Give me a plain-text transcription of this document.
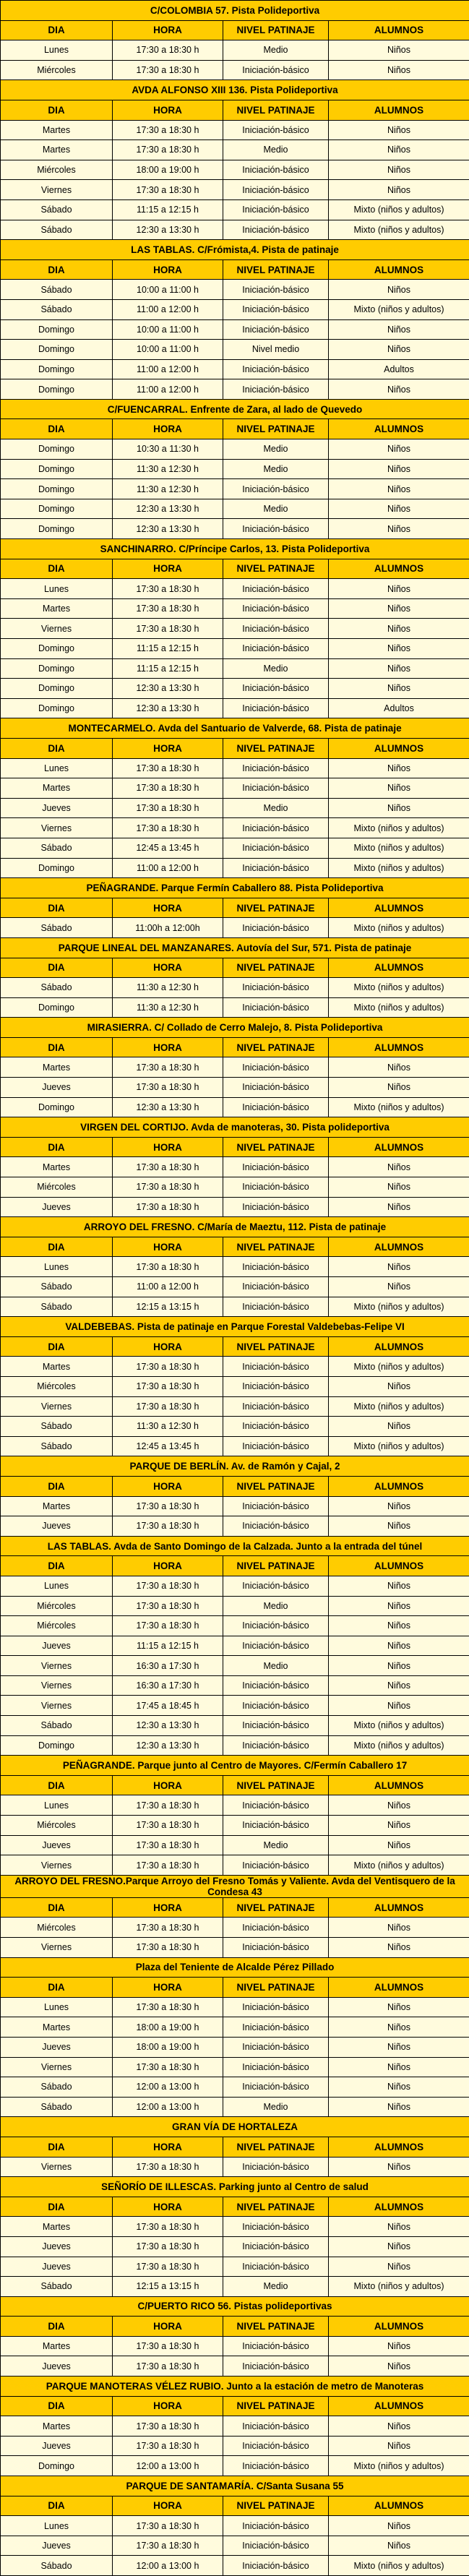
C/COLOMBIA 57. Pista Polideportiva			
DIA	HORA	NIVEL PATINAJE	ALUMNOS
Lunes	17:30 a 18:30 h	Medio	Niños
Miércoles	17:30 a 18:30 h	Iniciación-básico	Niños
AVDA ALFONSO XIII 136. Pista Polideportiva			
DIA	HORA	NIVEL PATINAJE	ALUMNOS
Martes	17:30 a 18:30 h	Iniciación-básico	Niños
Martes	17:30 a 18:30 h	Medio	Niños
Miércoles	18:00 a 19:00 h	Iniciación-básico	Niños
Viernes	17:30 a 18:30 h	Iniciación-básico	Niños
Sábado	11:15 a 12:15 h	Iniciación-básico	Mixto (niños y adultos)
Sábado	12:30 a 13:30 h	Iniciación-básico	Mixto (niños y adultos)
LAS TABLAS. C/Frómista,4. Pista de patinaje			
DIA	HORA	NIVEL PATINAJE	ALUMNOS
Sábado	10:00 a 11:00 h	Iniciación-básico	Niños
Sábado	11:00 a 12:00 h	Iniciación-básico	Mixto (niños y adultos)
Domingo	10:00 a 11:00 h	Iniciación-básico	Niños
Domingo	10:00 a 11:00 h	Nivel medio	Niños
Domingo	11:00 a 12:00 h	Iniciación-básico	Adultos
Domingo	11:00 a 12:00 h	Iniciación-básico	Niños
C/FUENCARRAL. Enfrente de Zara, al lado de Quevedo			
DIA	HORA	NIVEL PATINAJE	ALUMNOS
Domingo	10:30 a 11:30 h	Medio	Niños
Domingo	11:30 a 12:30 h	Medio	Niños
Domingo	11:30 a 12:30 h	Iniciación-básico	Niños
Domingo	12:30 a 13:30 h	Medio	Niños
Domingo	12:30 a 13:30 h	Iniciación-básico	Niños
SANCHINARRO. C/Príncipe Carlos, 13. Pista Polideportiva			
DIA	HORA	NIVEL PATINAJE	ALUMNOS
Lunes	17:30 a 18:30 h	Iniciación-básico	Niños
Martes	17:30 a 18:30 h	Iniciación-básico	Niños
Viernes	17:30 a 18:30 h	Iniciación-básico	Niños
Domingo	11:15 a 12:15 h	Iniciación-básico	Niños
Domingo	11:15 a 12:15 h	Medio	Niños
Domingo	12:30 a 13:30 h	Iniciación-básico	Niños
Domingo	12:30 a 13:30 h	Iniciación-básico	Adultos
MONTECARMELO. Avda del Santuario de Valverde, 68. Pista de patinaje			
DIA	HORA	NIVEL PATINAJE	ALUMNOS
Lunes	17:30 a 18:30 h	Iniciación-básico	Niños
Martes	17:30 a 18:30 h	Iniciación-básico	Niños
Jueves	17:30 a 18:30 h	Medio	Niños
Viernes	17:30 a 18:30 h	Iniciación-básico	Mixto (niños y adultos)
Sábado	12:45 a 13:45 h	Iniciación-básico	Mixto (niños y adultos)
Domingo	11:00 a 12:00 h	Iniciación-básico	Mixto (niños y adultos)
PEÑAGRANDE. Parque Fermín Caballero 88. Pista Polideportiva			
DIA	HORA	NIVEL PATINAJE	ALUMNOS
Sábado	11:00h a 12:00h	Iniciación-básico	Mixto (niños y adultos)
PARQUE LINEAL DEL MANZANARES. Autovía del Sur, 571. Pista de patinaje			
DIA	HORA	NIVEL PATINAJE	ALUMNOS
Sábado	11:30 a 12:30 h	Iniciación-básico	Mixto (niños y adultos)
Domingo	11:30 a 12:30 h	Iniciación-básico	Mixto (niños y adultos)
MIRASIERRA. C/ Collado de Cerro Malejo, 8. Pista Polideportiva			
DIA	HORA	NIVEL PATINAJE	ALUMNOS
Martes	17:30 a 18:30 h	Iniciación-básico	Niños
Jueves	17:30 a 18:30 h	Iniciación-básico	Niños
Domingo	12:30 a 13:30 h	Iniciación-básico	Mixto (niños y adultos)
VIRGEN DEL CORTIJO. Avda de manoteras, 30. Pista polideportiva			
DIA	HORA	NIVEL PATINAJE	ALUMNOS
Martes	17:30 a 18:30 h	Iniciación-básico	Niños
Miércoles	17:30 a 18:30 h	Iniciación-básico	Niños
Jueves	17:30 a 18:30 h	Iniciación-básico	Niños
ARROYO DEL FRESNO. C/María de Maeztu, 112. Pista de patinaje			
DIA	HORA	NIVEL PATINAJE	ALUMNOS
Lunes	17:30 a 18:30 h	Iniciación-básico	Niños
Sábado	11:00 a 12:00 h	Iniciación-básico	Niños
Sábado	12:15 a 13:15 h	Iniciación-básico	Mixto (niños y adultos)
VALDEBEBAS. Pista de patinaje en Parque Forestal Valdebebas-Felipe VI			
DIA	HORA	NIVEL PATINAJE	ALUMNOS
Martes	17:30 a 18:30 h	Iniciación-básico	Mixto (niños y adultos)
Miércoles	17:30 a 18:30 h	Iniciación-básico	Niños
Viernes	17:30 a 18:30 h	Iniciación-básico	Mixto (niños y adultos)
Sábado	11:30 a 12:30 h	Iniciación-básico	Niños
Sábado	12:45 a 13:45 h	Iniciación-básico	Mixto (niños y adultos)
PARQUE DE BERLÍN. Av. de Ramón y Cajal, 2			
DIA	HORA	NIVEL PATINAJE	ALUMNOS
Martes	17:30 a 18:30 h	Iniciación-básico	Niños
Jueves	17:30 a 18:30 h	Iniciación-básico	Niños
LAS TABLAS. Avda de Santo Domingo de la Calzada. Junto a la entrada del túnel			
DIA	HORA	NIVEL PATINAJE	ALUMNOS
Lunes	17:30 a 18:30 h	Iniciación-básico	Niños
Miércoles	17:30 a 18:30 h	Medio	Niños
Miércoles	17:30 a 18:30 h	Iniciación-básico	Niños
Jueves	11:15 a 12:15 h	Iniciación-básico	Niños
Viernes	16:30 a 17:30 h	Medio	Niños
Viernes	16:30 a 17:30 h	Iniciación-básico	Niños
Viernes	17:45 a 18:45 h	Iniciación-básico	Niños
Sábado	12:30 a 13:30 h	Iniciación-básico	Mixto (niños y adultos)
Domingo	12:30 a 13:30 h	Iniciación-básico	Mixto (niños y adultos)
PEÑAGRANDE. Parque junto al Centro de Mayores. C/Fermín Caballero 17			
DIA	HORA	NIVEL PATINAJE	ALUMNOS
Lunes	17:30 a 18:30 h	Iniciación-básico	Niños
Miércoles	17:30 a 18:30 h	Iniciación-básico	Niños
Jueves	17:30 a 18:30 h	Medio	Niños
Viernes	17:30 a 18:30 h	Iniciación-básico	Mixto (niños y adultos)
ARROYO DEL FRESNO.Parque Arroyo del Fresno Tomás y Valiente. Avda del Ventisquero de la Condesa 43			
DIA	HORA	NIVEL PATINAJE	ALUMNOS
Miércoles	17:30 a 18:30 h	Iniciación-básico	Niños
Viernes	17:30 a 18:30 h	Iniciación-básico	Niños
Plaza del Teniente de Alcalde Pérez Pillado			
DIA	HORA	NIVEL PATINAJE	ALUMNOS
Lunes	17:30 a 18:30 h	Iniciación-básico	Niños
Martes	18:00 a 19:00 h	Iniciación-básico	Niños
Jueves	18:00 a 19:00 h	Iniciación-básico	Niños
Viernes	17:30 a 18:30 h	Iniciación-básico	Niños
Sábado	12:00 a 13:00 h	Iniciación-básico	Niños
Sábado	12:00 a 13:00 h	Medio	Niños
GRAN VÍA DE HORTALEZA			
DIA	HORA	NIVEL PATINAJE	ALUMNOS
Viernes	17:30 a 18:30 h	Iniciación-básico	Niños
SEÑORÍO DE ILLESCAS. Parking junto al Centro de salud			
DIA	HORA	NIVEL PATINAJE	ALUMNOS
Martes	17:30 a 18:30 h	Iniciación-básico	Niños
Jueves	17:30 a 18:30 h	Iniciación-básico	Niños
Jueves	17:30 a 18:30 h	Iniciación-básico	Niños
Sábado	12:15 a 13:15 h	Medio	Mixto (niños y adultos)
C/PUERTO RICO 56. Pistas polideportivas			
DIA	HORA	NIVEL PATINAJE	ALUMNOS
Martes	17:30 a 18:30 h	Iniciación-básico	Niños
Jueves	17:30 a 18:30 h	Iniciación-básico	Niños
PARQUE MANOTERAS VÉLEZ RUBIO. Junto a la estación de metro de Manoteras			
DIA	HORA	NIVEL PATINAJE	ALUMNOS
Martes	17:30 a 18:30 h	Iniciación-básico	Niños
Jueves	17:30 a 18:30 h	Iniciación-básico	Niños
Domingo	12:00 a 13:00 h	Iniciación-básico	Mixto (niños y adultos)
PARQUE DE SANTAMARÍA. C/Santa Susana 55			
DIA	HORA	NIVEL PATINAJE	ALUMNOS
Lunes	17:30 a 18:30 h	Iniciación-básico	Niños
Jueves	17:30 a 18:30 h	Iniciación-básico	Niños
Sábado	12:00 a 13:00 h	Iniciación-básico	Mixto (niños y adultos)
